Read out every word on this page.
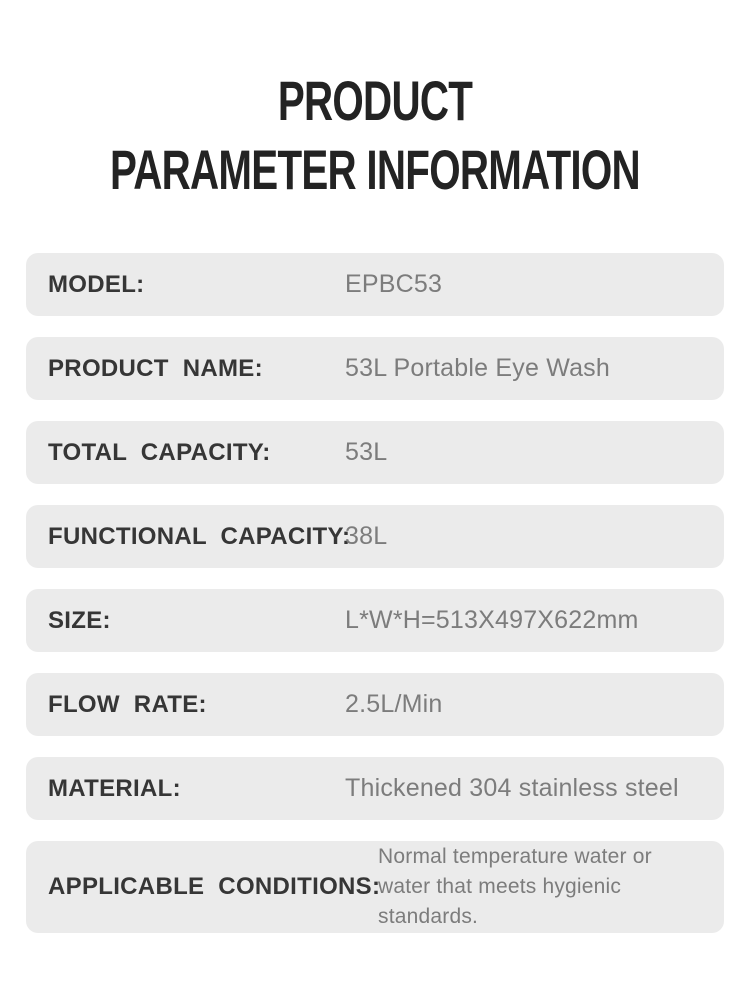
PRODUCT
PARAMETER INFORMATION
MODEL:	EPBC53
PRODUCT NAME:	53L Portable Eye Wash
TOTAL CAPACITY:	53L
FUNCTIONAL CAPACITY:
38L
SIZE:	L*W*H=513X497X622mm
FLOW RATE:	2.5L/Min
MATERIAL:	Thickened 304 stainless steel
APPLICABLE CONDITIONS:
Normal temperature water or water that meets hygienic standards.
